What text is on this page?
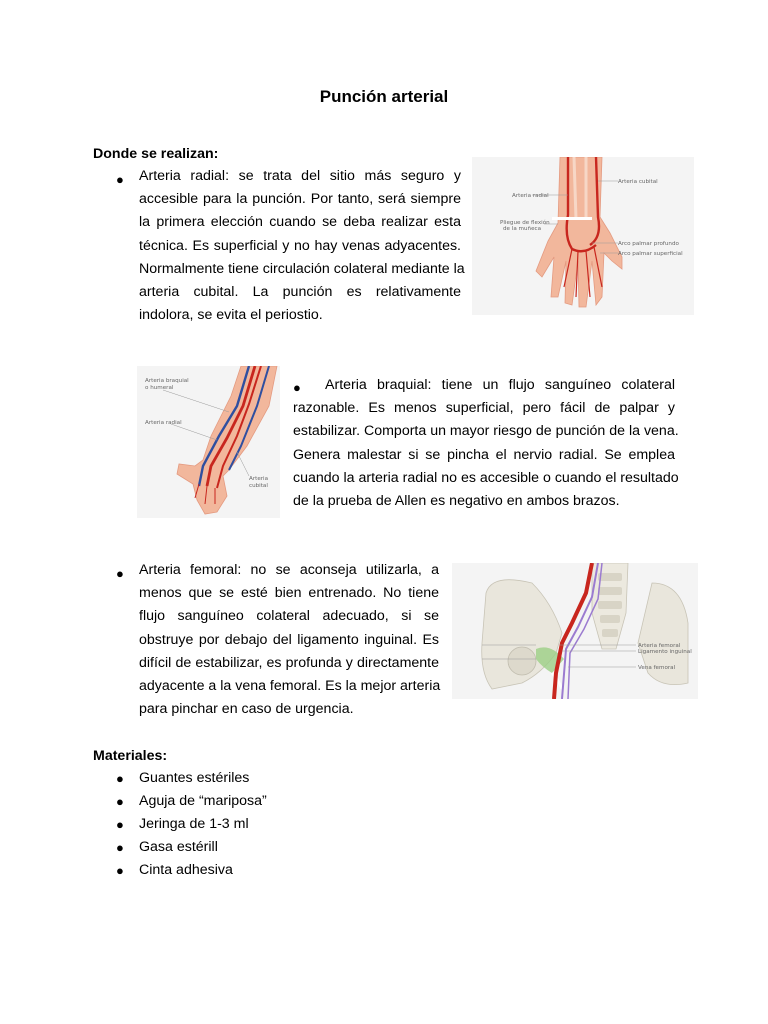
Punción arterial
Donde se realizan:
● Arteria radial: se trata del sitio más seguro y
accesible para la punción. Por tanto, será siempre
la primera elección cuando se deba realizar esta
técnica. Es superficial y no hay venas adyacentes.
Normalmente tiene circulación colateral mediante la
arteria cubital. La punción es relativamente
indolora, se evita el periostio.
Arteria cubital
Arteria radial
Pliegue de flexión
de la muñeca
Arco palmar profundo
Arco palmar superficial
Arteria braquial
o humeral
Arteria radial
Arteria
cubital
●	Arteria braquial: tiene un flujo sanguíneo colateral
razonable. Es menos superficial, pero fácil de palpar y
estabilizar. Comporta un mayor riesgo de punción de la vena.
Genera malestar si se pincha el nervio radial. Se emplea
cuando la arteria radial no es accesible o cuando el resultado
de la prueba de Allen es negativo en ambos brazos.
● Arteria femoral: no se aconseja utilizarla, a
menos que se esté bien entrenado. No tiene
flujo sanguíneo colateral adecuado, si se
obstruye por debajo del ligamento inguinal. Es
difícil de estabilizar, es profunda y directamente
adyacente a la vena femoral. Es la mejor arteria
para pinchar en caso de urgencia.
Arteria femoral
Ligamento inguinal
Vena femoral
Materiales:
● Guantes estériles
● Aguja de “mariposa”
● Jeringa de 1-3 ml
● Gasa estérill
● Cinta adhesiva
